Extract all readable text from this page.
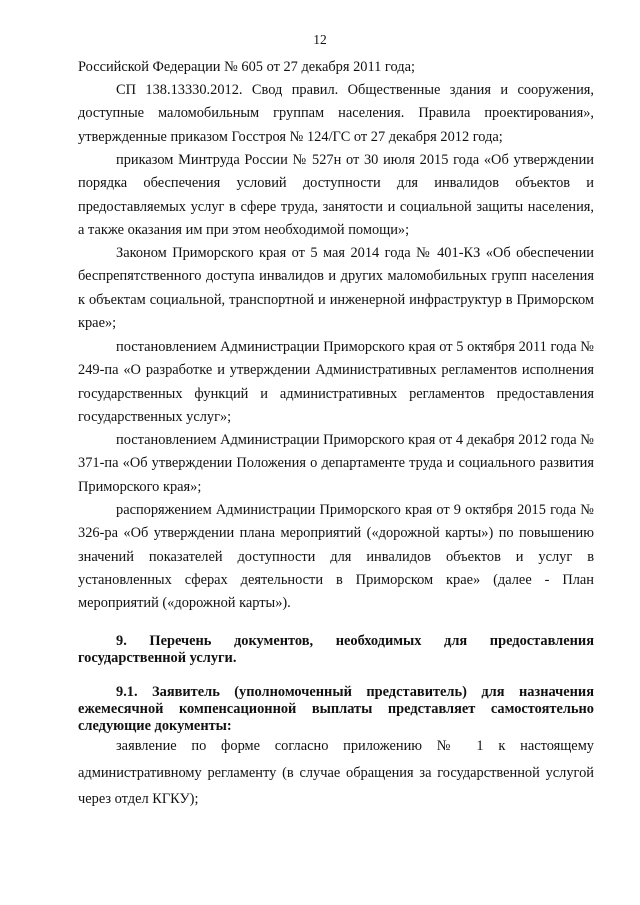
12

Российской Федерации № 605 от 27 декабря 2011 года;

СП 138.13330.2012. Свод правил. Общественные здания и сооружения, доступные маломобильным группам населения. Правила проектирования», утвержденные приказом Госстроя № 124/ГС от 27 декабря 2012 года;

приказом Минтруда России № 527н от 30 июля 2015 года «Об утверждении порядка обеспечения условий доступности для инвалидов объектов и предоставляемых услуг в сфере труда, занятости и социальной защиты населения, а также оказания им при этом необходимой помощи»;

Законом Приморского края от 5 мая 2014 года № 401-КЗ «Об обеспечении беспрепятственного доступа инвалидов и других маломобильных групп населения к объектам социальной, транспортной и инженерной инфраструктур в Приморском крае»;

постановлением Администрации Приморского края от 5 октября 2011 года № 249-па «О разработке и утверждении Административных регламентов исполнения государственных функций и административных регламентов предоставления государственных услуг»;

постановлением Администрации Приморского края от 4 декабря 2012 года № 371-па «Об утверждении Положения о департаменте труда и социального развития Приморского края»;

распоряжением Администрации Приморского края от 9 октября 2015 года № 326-ра «Об утверждении плана мероприятий («дорожной карты») по повышению значений показателей доступности для инвалидов объектов и услуг в установленных сферах деятельности в Приморском крае» (далее - План мероприятий («дорожной карты»).

9. Перечень документов, необходимых для предоставления государственной услуги.

9.1. Заявитель (уполномоченный представитель) для назначения ежемесячной компенсационной выплаты представляет самостоятельно следующие документы:

заявление по форме согласно приложению № 1 к настоящему административному регламенту (в случае обращения за государственной услугой через отдел КГКУ);
